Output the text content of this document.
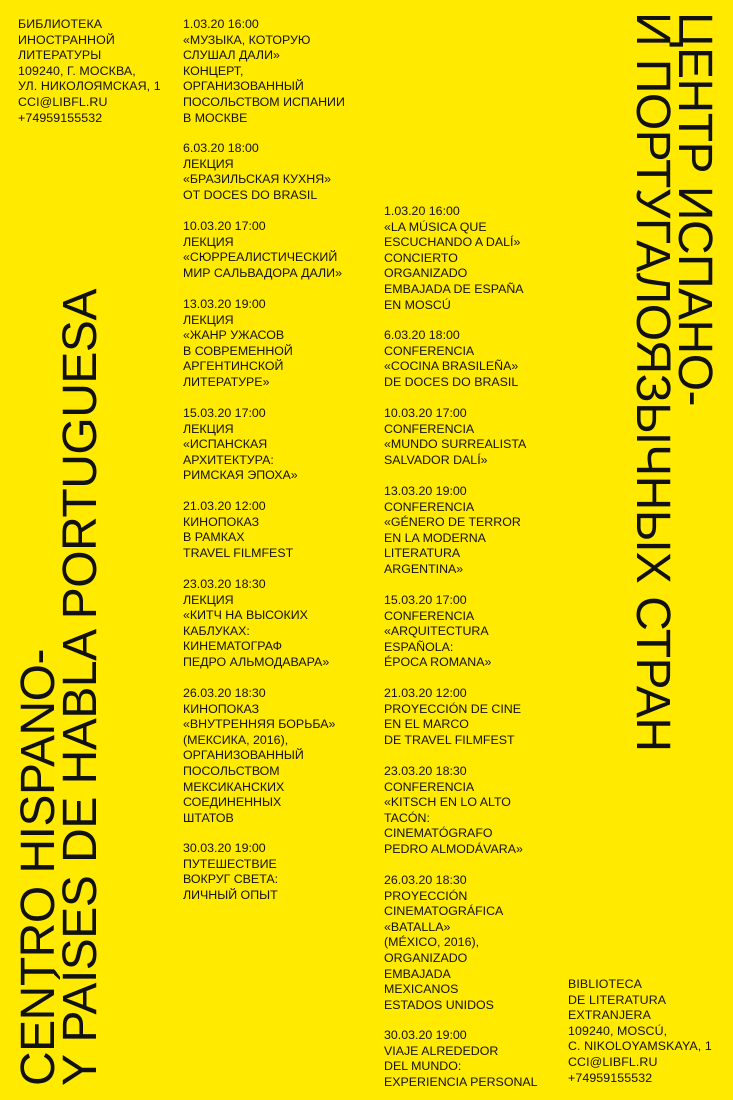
БИБЛИОТЕКА
ИНОСТРАННОЙ
ЛИТЕРАТУРЫ
109240, Г. МОСКВА,
УЛ. НИКОЛОЯМСКАЯ, 1
CCI@LIBFL.RU
+74959155532
1.03.20 16:00
«МУЗЫКА, КОТОРУЮ
СЛУШАЛ ДАЛИ»
КОНЦЕРТ,
ОРГАНИЗОВАННЫЙ
ПОСОЛЬСТВОМ ИСПАНИИ
В МОСКВЕ
6.03.20 18:00
ЛЕКЦИЯ
«БРАЗИЛЬСКАЯ КУХНЯ»
ОТ DOCES DO BRASIL
10.03.20 17:00
ЛЕКЦИЯ
«СЮРРЕАЛИСТИЧЕСКИЙ
МИР САЛЬВАДОРА ДАЛИ»
13.03.20 19:00
ЛЕКЦИЯ
«ЖАНР УЖАСОВ
В СОВРЕМЕННОЙ
АРГЕНТИНСКОЙ
ЛИТЕРАТУРЕ»
15.03.20 17:00
ЛЕКЦИЯ
«ИСПАНСКАЯ
АРХИТЕКТУРА:
РИМСКАЯ ЭПОХА»
21.03.20 12:00
КИНОПОКАЗ
В РАМКАХ
TRAVEL FILMFEST
23.03.20 18:30
ЛЕКЦИЯ
«КИТЧ НА ВЫСОКИХ
КАБЛУКАХ:
КИНЕМАТОГРАФ
ПЕДРО АЛЬМОДАВАРА»
26.03.20 18:30
КИНОПОКАЗ
«ВНУТРЕННЯЯ БОРЬБА»
(МЕКСИКА, 2016),
ОРГАНИЗОВАННЫЙ
ПОСОЛЬСТВОМ
МЕКСИКАНСКИХ
СОЕДИНЕННЫХ
ШТАТОВ
30.03.20 19:00
ПУТЕШЕСТВИЕ
ВОКРУГ СВЕТА:
ЛИЧНЫЙ ОПЫТ
1.03.20 16:00
«LA MÚSICA QUE
ESCUCHANDO A DALÍ»
CONCIERTO
ORGANIZADO
EMBAJADA DE ESPAÑA
EN MOSCÚ
6.03.20 18:00
CONFERENCIA
«COCINA BRASILEÑA»
DE DOCES DO BRASIL
10.03.20 17:00
CONFERENCIA
«MUNDO SURREALISTA
SALVADOR DALÍ»
13.03.20 19:00
CONFERENCIA
«GÉNERO DE TERROR
EN LA MODERNA
LITERATURA
ARGENTINA»
15.03.20 17:00
CONFERENCIA
«ARQUITECTURA
ESPAÑOLA:
ÉPOCA ROMANA»
21.03.20 12:00
PROYECCIÓN DE CINE
EN EL MARCO
DE TRAVEL FILMFEST
23.03.20 18:30
CONFERENCIA
«KITSCH EN LO ALTO
TACÓN:
CINEMATÓGRAFO
PEDRO ALMODÁVARA»
26.03.20 18:30
PROYECCIÓN
CINEMATOGRÁFICA
«BATALLA»
(MÉXICO, 2016),
ORGANIZADO
EMBAJADA
MEXICANOS
ESTADOS UNIDOS
30.03.20 19:00
VIAJE ALREDEDOR
DEL MUNDO:
EXPERIENCIA PERSONAL
BIBLIOTECA
DE LITERATURA
EXTRANJERA
109240, MOSCÚ,
C. NIKOLOYAMSKAYA, 1
CCI@LIBFL.RU
+74959155532
CENTRO HISPANO-
Y PAÍSES DE HABLA PORTUGUESA
ЦЕНТР ИСПАНО-
И ПОРТУГАЛОЯЗЫЧНЫХ СТРАН
